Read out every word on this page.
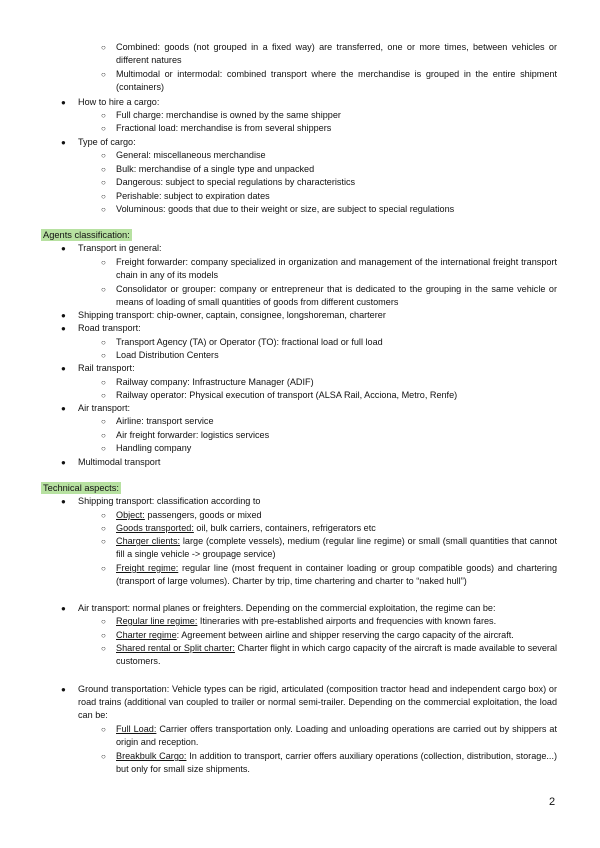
○ Combined: goods (not grouped in a fixed way) are transferred, one or more times, between vehicles or different natures
○ Multimodal or intermodal: combined transport where the merchandise is grouped in the entire shipment (containers)
● How to hire a cargo:
○ Full charge: merchandise is owned by the same shipper
○ Fractional load: merchandise is from several shippers
● Type of cargo:
○ General: miscellaneous merchandise
○ Bulk: merchandise of a single type and unpacked
○ Dangerous: subject to special regulations by characteristics
○ Perishable: subject to expiration dates
○ Voluminous: goods that due to their weight or size, are subject to special regulations
Agents classification:
● Transport in general:
○ Freight forwarder: company specialized in organization and management of the international freight transport chain in any of its models
○ Consolidator or grouper: company or entrepreneur that is dedicated to the grouping in the same vehicle or means of loading of small quantities of goods from different customers
● Shipping transport: chip-owner, captain, consignee, longshoreman, charterer
● Road transport:
○ Transport Agency (TA) or Operator (TO): fractional load or full load
○ Load Distribution Centers
● Rail transport:
○ Railway company: Infrastructure Manager (ADIF)
○ Railway operator: Physical execution of transport (ALSA Rail, Acciona, Metro, Renfe)
● Air transport:
○ Airline: transport service
○ Air freight forwarder: logistics services
○ Handling company
● Multimodal transport
Technical aspects:
● Shipping transport: classification according to
○ Object: passengers, goods or mixed
○ Goods transported: oil, bulk carriers, containers, refrigerators etc
○ Charger clients: large (complete vessels), medium (regular line regime) or small (small quantities that cannot fill a single vehicle -> groupage service)
○ Freight regime: regular line (most frequent in container loading or group compatible goods) and chartering (transport of large volumes). Charter by trip, time chartering and charter to “naked hull”)
● Air transport: normal planes or freighters. Depending on the commercial exploitation, the regime can be:
○ Regular line regime: Itineraries with pre-established airports and frequencies with known fares.
○ Charter regime: Agreement between airline and shipper reserving the cargo capacity of the aircraft.
○ Shared rental or Split charter: Charter flight in which cargo capacity of the aircraft is made available to several customers.
● Ground transportation: Vehicle types can be rigid, articulated (composition tractor head and independent cargo box) or road trains (additional van coupled to trailer or normal semi-trailer. Depending on the commercial exploitation, the load can be:
○ Full Load: Carrier offers transportation only. Loading and unloading operations are carried out by shippers at origin and reception.
○ Breakbulk Cargo: In addition to transport, carrier offers auxiliary operations (collection, distribution, storage...) but only for small size shipments.
2
